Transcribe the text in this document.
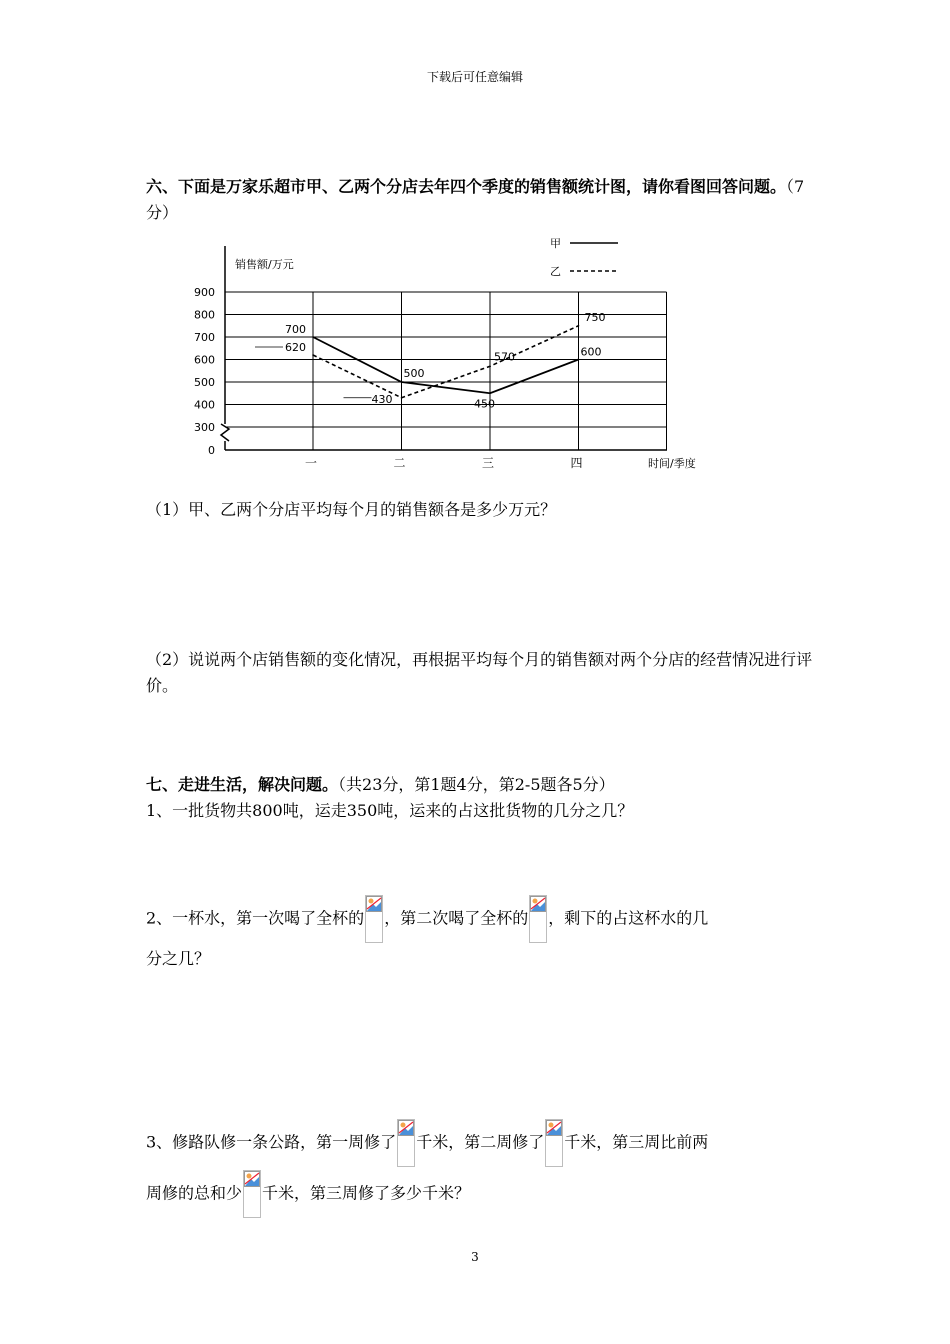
下载后可任意编辑
六、下面是万家乐超市甲、乙两个分店去年四个季度的销售额统计图，请你看图回答问题。（7分）
0
300
400
500
600
700
800
900
一	二	三	四
销售额/万元
时间/季度
700
500
450
600
620
430
570
750
甲
乙
（1）甲、乙两个分店平均每个月的销售额各是多少万元？
（2）说说两个店销售额的变化情况，再根据平均每个月的销售额对两个分店的经营情况进行评价。
七、走进生活，解决问题。（共23分，第1题4分，第2-5题各5分）
1、一批货物共800吨，运走350吨，运来的占这批货物的几分之几？
2、一杯水，第一次喝了全杯的 ，第二次喝了全杯的 ，剩下的占这杯水的几
分之几？
3、修路队修一条公路，第一周修了 千米，第二周修了 千米，第三周比前两
周修的总和少 千米，第三周修了多少千米？
3
